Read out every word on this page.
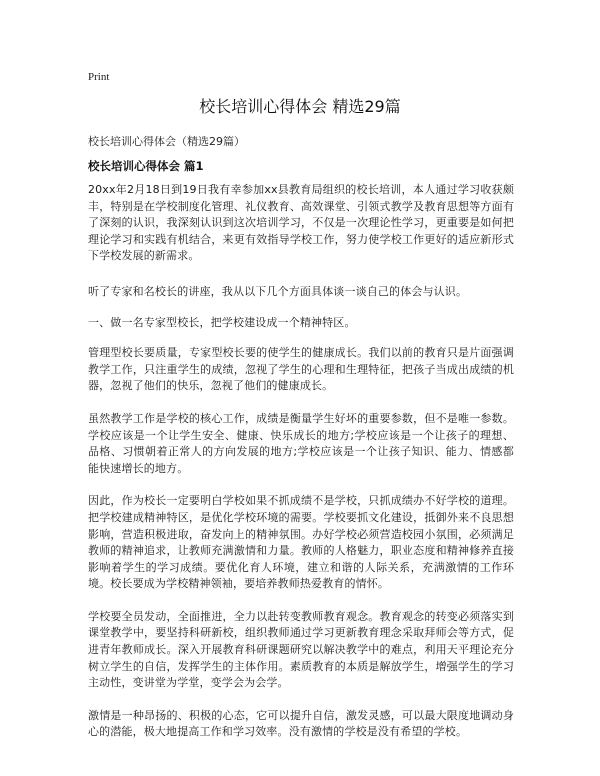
Print
校长培训心得体会 精选29篇
校长培训心得体会（精选29篇）
校长培训心得体会 篇1

20xx年2月18日到19日我有幸参加xx县教育局组织的校长培训，本人通过学习收获颇丰，特别是在学校制度化管理、礼仪教育、高效课堂、引领式教学及教育思想等方面有了深刻的认识，我深刻认识到这次培训学习，不仅是一次理论性学习，更重要是如何把理论学习和实践有机结合，来更有效指导学校工作，努力使学校工作更好的适应新形式下学校发展的新需求。

听了专家和名校长的讲座，我从以下几个方面具体谈一谈自己的体会与认识。

一、做一名专家型校长，把学校建设成一个精神特区。

管理型校长要质量，专家型校长要的使学生的健康成长。我们以前的教育只是片面强调教学工作，只注重学生的成绩，忽视了学生的心理和生理特征，把孩子当成出成绩的机器，忽视了他们的快乐，忽视了他们的健康成长。

虽然教学工作是学校的核心工作，成绩是衡量学生好坏的重要参数，但不是唯一参数。学校应该是一个让学生安全、健康、快乐成长的地方;学校应该是一个让孩子的理想、品格、习惯朝着正常人的方向发展的地方;学校应该是一个让孩子知识、能力、情感都能快速增长的地方。

因此，作为校长一定要明白学校如果不抓成绩不是学校，只抓成绩办不好学校的道理。把学校建成精神特区，是优化学校环境的需要。学校要抓文化建设，抵御外来不良思想影响，营造积极进取，奋发向上的精神氛围。办好学校必须营造校园小氛围，必须满足教师的精神追求，让教师充满激情和力量。教师的人格魅力，职业态度和精神修养直接影响着学生的学习成绩。要优化育人环境，建立和谐的人际关系，充满激情的工作环境。校长要成为学校精神领袖，要培养教师热爱教育的情怀。

学校要全员发动，全面推进，全力以赴转变教师教育观念。教育观念的转变必须落实到课堂教学中，要坚持科研新校，组织教师通过学习更新教育理念采取拜师会等方式，促进青年教师成长。深入开展教育科研课题研究以解决教学中的难点，利用天平理论充分树立学生的自信，发挥学生的主体作用。素质教育的本质是解放学生，增强学生的学习主动性，变讲堂为学堂，变学会为会学。

激情是一种昂扬的、积极的心态，它可以提升自信，激发灵感，可以最大限度地调动身心的潜能，极大地提高工作和学习效率。没有激情的学校是没有希望的学校。
